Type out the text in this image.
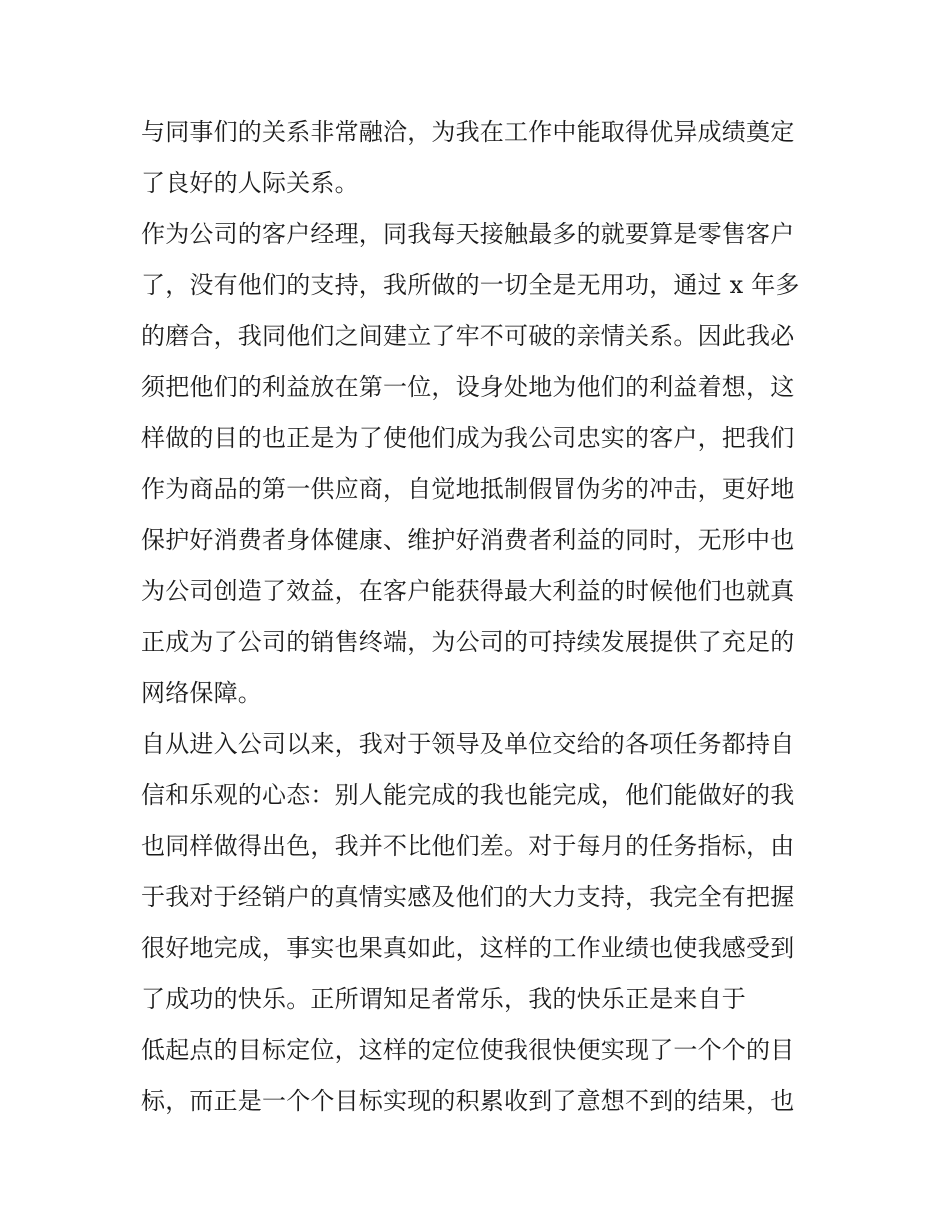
与同事们的关系非常融洽，为我在工作中能取得优异成绩奠定
了良好的人际关系。
作为公司的客户经理，同我每天接触最多的就要算是零售客户
了，没有他们的支持，我所做的一切全是无用功，通过 x 年多
的磨合，我同他们之间建立了牢不可破的亲情关系。因此我必
须把他们的利益放在第一位，设身处地为他们的利益着想，这
样做的目的也正是为了使他们成为我公司忠实的客户，把我们
作为商品的第一供应商，自觉地抵制假冒伪劣的冲击，更好地
保护好消费者身体健康、维护好消费者利益的同时，无形中也
为公司创造了效益，在客户能获得最大利益的时候他们也就真
正成为了公司的销售终端，为公司的可持续发展提供了充足的
网络保障。
自从进入公司以来，我对于领导及单位交给的各项任务都持自
信和乐观的心态：别人能完成的我也能完成，他们能做好的我
也同样做得出色，我并不比他们差。对于每月的任务指标，由
于我对于经销户的真情实感及他们的大力支持，我完全有把握
很好地完成，事实也果真如此，这样的工作业绩也使我感受到
了成功的快乐。正所谓知足者常乐，我的快乐正是来自于
低起点的目标定位，这样的定位使我很快便实现了一个个的目
标，而正是一个个目标实现的积累收到了意想不到的结果，也
